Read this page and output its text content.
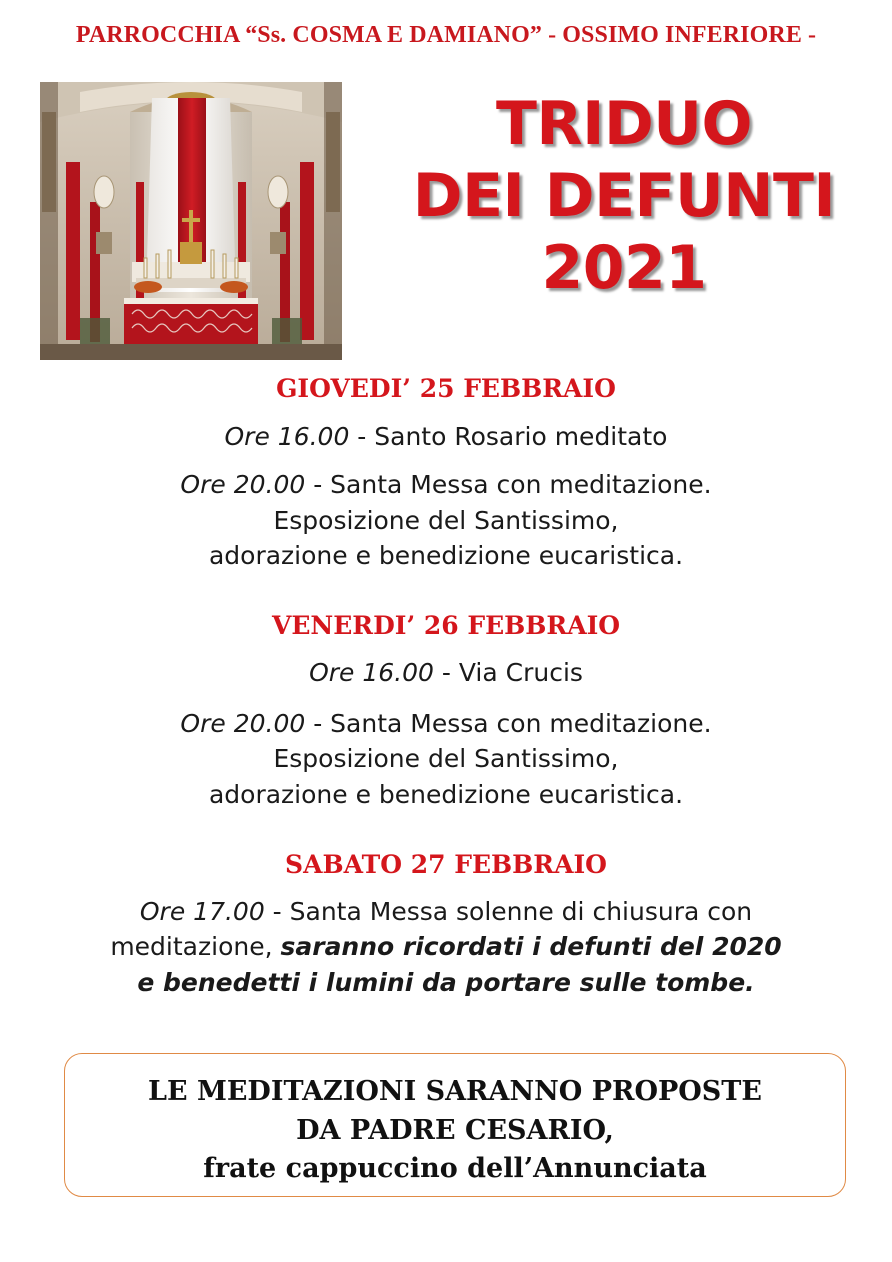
PARROCCHIA “Ss. COSMA E DAMIANO” - OSSIMO INFERIORE -
TRIDUO
DEI DEFUNTI
2021
GIOVEDI’ 25 FEBBRAIO
Ore 16.00 - Santo Rosario meditato
Ore 20.00 - Santa Messa con meditazione.
Esposizione del Santissimo,
adorazione e benedizione eucaristica.
VENERDI’ 26 FEBBRAIO
Ore 16.00 - Via Crucis
Ore 20.00 - Santa Messa con meditazione.
Esposizione del Santissimo,
adorazione e benedizione eucaristica.
SABATO 27 FEBBRAIO
Ore 17.00 - Santa Messa solenne di chiusura con
meditazione, saranno ricordati i defunti del 2020
e benedetti i lumini da portare sulle tombe.
LE MEDITAZIONI SARANNO PROPOSTE
DA PADRE CESARIO,
frate cappuccino dell’Annunciata
